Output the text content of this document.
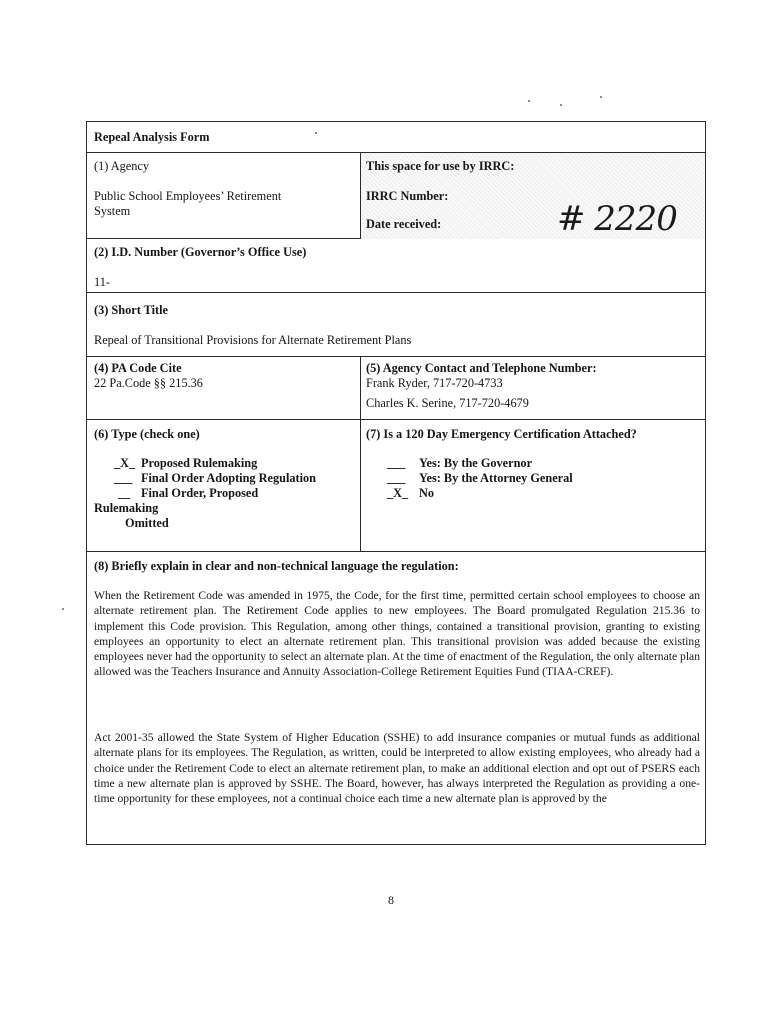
Repeal Analysis Form
(1) Agency
Public School Employees’ Retirement
System
This space for use by IRRC:
IRRC Number:
Date received:	# 2220
(2) I.D. Number (Governor’s Office Use)
11-
(3) Short Title
Repeal of Transitional Provisions for Alternate Retirement Plans
(4) PA Code Cite
22 Pa.Code §§ 215.36
(5) Agency Contact and Telephone Number:
Frank Ryder, 717-720-4733
Charles K. Serine, 717-720-4679
(6) Type (check one)
_X_ Proposed Rulemaking
___ Final Order Adopting Regulation
__ Final Order, Proposed
Rulemaking
Omitted
(7) Is a 120 Day Emergency Certification Attached?
___ Yes: By the Governor
___ Yes: By the Attorney General
_X_ No
(8) Briefly explain in clear and non-technical language the regulation:
When the Retirement Code was amended in 1975, the Code, for the first time, permitted certain school employees to choose an alternate retirement plan. The Retirement Code applies to new employees. The Board promulgated Regulation 215.36 to implement this Code provision. This Regulation, among other things, contained a transitional provision, granting to existing employees an opportunity to elect an alternate retirement plan. This transitional provision was added because the existing employees never had the opportunity to select an alternate plan. At the time of enactment of the Regulation, the only alternate plan allowed was the Teachers Insurance and Annuity Association-College Retirement Equities Fund (TIAA-CREF).
Act 2001-35 allowed the State System of Higher Education (SSHE) to add insurance companies or mutual funds as additional alternate plans for its employees. The Regulation, as written, could be interpreted to allow existing employees, who already had a choice under the Retirement Code to elect an alternate retirement plan, to make an additional election and opt out of PSERS each time a new alternate plan is approved by SSHE. The Board, however, has always interpreted the Regulation as providing a one-time opportunity for these employees, not a continual choice each time a new alternate plan is approved by the
8
